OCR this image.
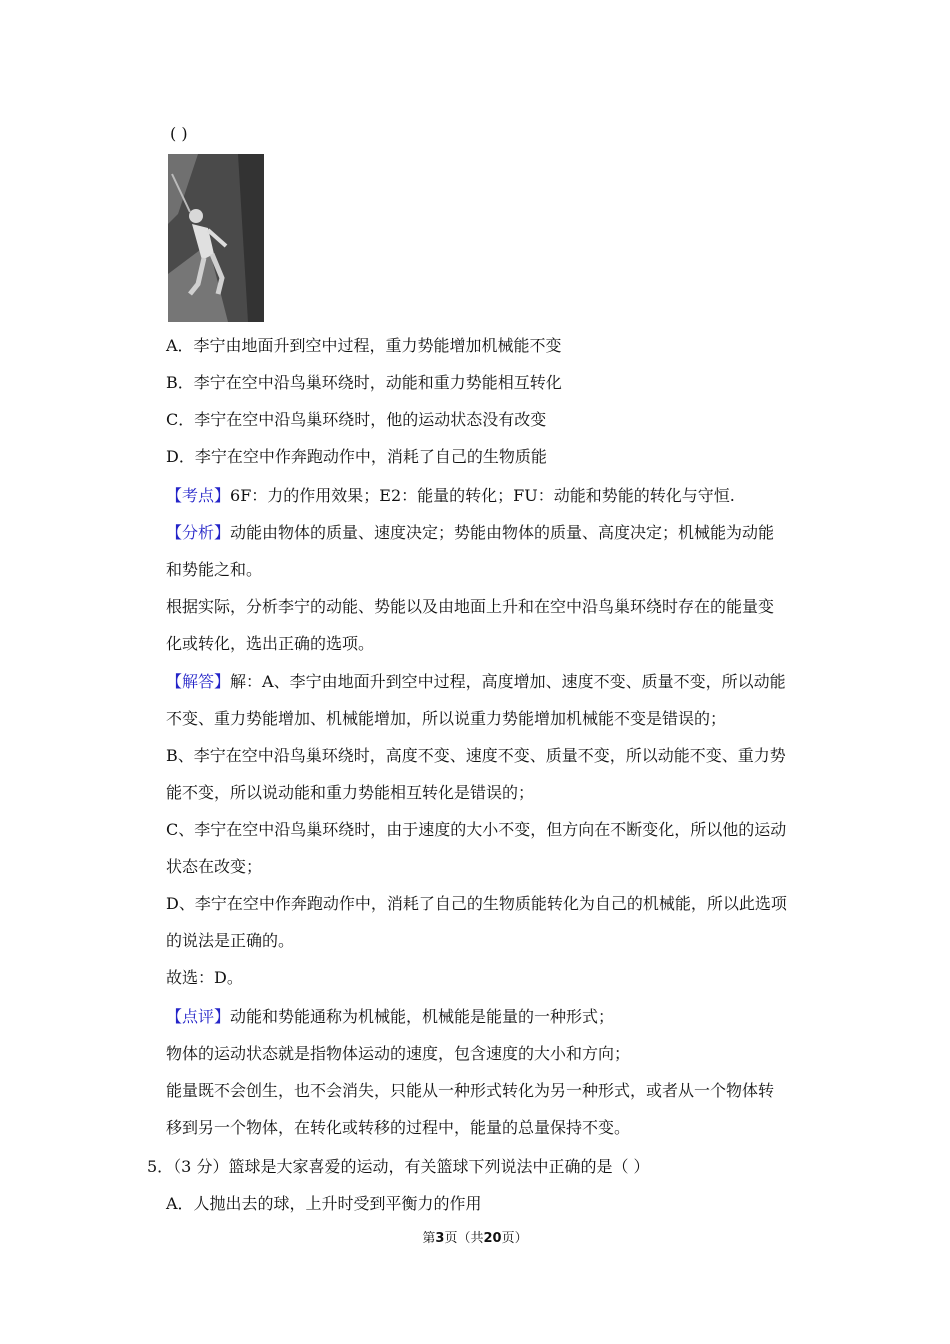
( )
A．李宁由地面升到空中过程，重力势能增加机械能不变
B．李宁在空中沿鸟巢环绕时，动能和重力势能相互转化
C．李宁在空中沿鸟巢环绕时，他的运动状态没有改变
D．李宁在空中作奔跑动作中，消耗了自己的生物质能
【考点】6F：力的作用效果；E2：能量的转化；FU：动能和势能的转化与守恒.
【分析】动能由物体的质量、速度决定；势能由物体的质量、高度决定；机械能为动能
和势能之和。
根据实际，分析李宁的动能、势能以及由地面上升和在空中沿鸟巢环绕时存在的能量变
化或转化，选出正确的选项。
【解答】解：A、李宁由地面升到空中过程，高度增加、速度不变、质量不变，所以动能
不变、重力势能增加、机械能增加，所以说重力势能增加机械能不变是错误的；
B、李宁在空中沿鸟巢环绕时，高度不变、速度不变、质量不变，所以动能不变、重力势
能不变，所以说动能和重力势能相互转化是错误的；
C、李宁在空中沿鸟巢环绕时，由于速度的大小不变，但方向在不断变化，所以他的运动
状态在改变；
D、李宁在空中作奔跑动作中，消耗了自己的生物质能转化为自己的机械能，所以此选项
的说法是正确的。
故选：D。
【点评】动能和势能通称为机械能，机械能是能量的一种形式；
物体的运动状态就是指物体运动的速度，包含速度的大小和方向；
能量既不会创生，也不会消失，只能从一种形式转化为另一种形式，或者从一个物体转
移到另一个物体，在转化或转移的过程中，能量的总量保持不变。
5．（3 分）篮球是大家喜爱的运动，有关篮球下列说法中正确的是（ ）
A．人抛出去的球，上升时受到平衡力的作用
第3页（共20页）
